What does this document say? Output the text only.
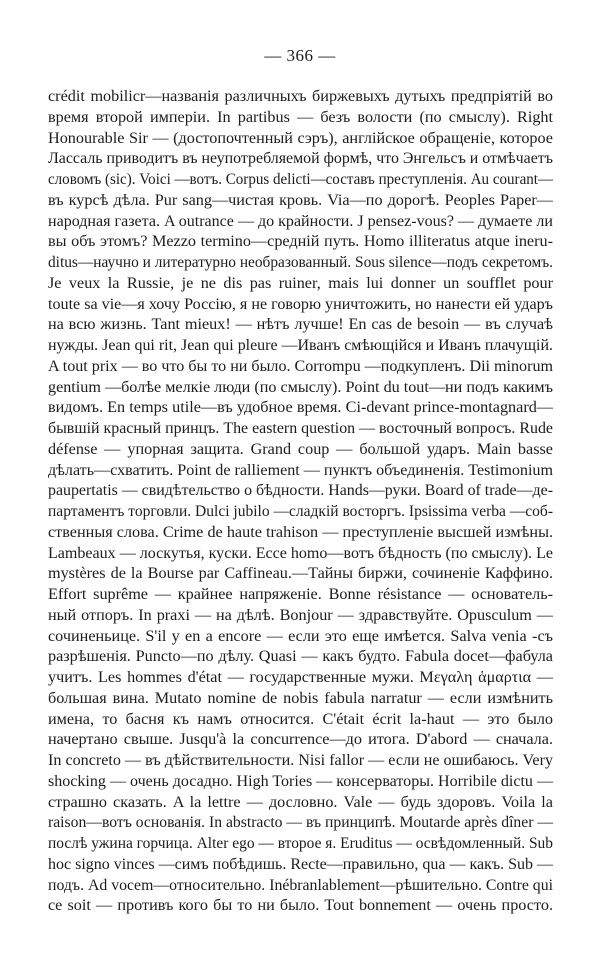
— 366 —
crédit mobilicr—названія различныхъ биржевыхъ дутыхъ предпріятій во
время второй имперіи. In partibus — безъ волости (по смыслу). Right
Honourable Sir — (достопочтенный сэръ), англійское обращеніе, которое
Лассаль приводитъ въ неупотребляемой формѣ, что Энгельсъ и отмѣчаетъ
словомъ (sic). Voici —вотъ. Corpus delicti—составъ преступленія. Au courant—
въ курсѣ дѣла. Pur sang—чистая кровь. Via—по дорогѣ. Peoples Paper—
народная газета. A outrance — до крайности. J pensez-vous? — думаете ли
вы объ этомъ? Mezzo termino—средній путь. Homo illiteratus atque ineru-
ditus—научно и литературно необразованный. Sous silence—подъ секретомъ.
Je veux la Russie, je ne dis pas ruiner, mais lui donner un soufflet pour
toute sa vie—я хочу Россію, я не говорю уничтожить, но нанести ей ударъ
на всю жизнь. Tant mieux! — нѣтъ лучше! En cas de besoin — въ случаѣ
нужды. Jean qui rit, Jean qui pleure —Иванъ смѣющійся и Иванъ плачущій.
A tout prix — во что бы то ни было. Corrompu —подкупленъ. Dii minorum
gentium —болѣе мелкіе люди (по смыслу). Point du tout—ни подъ какимъ
видомъ. En temps utile—въ удобное время. Ci-devant prince-montagnard—
бывшій красный принцъ. The eastern question — восточный вопросъ. Rude
défense — упорная защита. Grand coup — большой ударъ. Main basse
дѣлать—схватить. Point de ralliement — пунктъ объединенія. Testimonium
paupertatis — свидѣтельство о бѣдности. Hands—руки. Board of trade—де-
партаментъ торговли. Dulci jubilo —сладкій восторгъ. Ipsissima verba —соб-
ственныя слова. Crime de haute trahison — преступленіе высшей измѣны.
Lambeaux — лоскутья, куски. Ecce homo—вотъ бѣдность (по смыслу). Le
mystères de la Bourse par Caffineau.—Тайны биржи, сочиненіе Каффино.
Effort suprême — крайнее напряженіе. Bonne résistance — основатель-
ный отпоръ. In praxi — на дѣлѣ. Bonjour — здравствуйте. Opusculum —
сочиненьице. S'il y en a encore — если это еще имѣется. Salva venia -съ
разрѣшенія. Puncto—по дѣлу. Quasi — какъ будто. Fabula docet—фабула
учитъ. Les hommes d'état — государственные мужи. Μεγαλη ἁμαρτια —
большая вина. Mutato nomine de nobis fabula narratur — если измѣнить
имена, то басня къ намъ относится. C'était écrit la-haut — это было
начертано свыше. Jusqu'à la concurrence—до итога. D'abord — сначала.
In concreto — въ дѣйствительности. Nisi fallor — если не ошибаюсь. Very
shocking — очень досадно. High Tories — консерваторы. Horribile dictu —
страшно сказать. A la lettre — дословно. Vale — будь здоровъ. Voila la
raison—вотъ основанія. In abstracto — въ принципѣ. Moutarde après dîner —
послѣ ужина горчица. Alter ego — второе я. Eruditus — освѣдомленный. Sub
hoc signo vinces —симъ побѣдишь. Recte—правильно, qua — какъ. Sub —
подъ. Ad vocem—относительно. Inébranlablement—рѣшительно. Contre qui
ce soit — противъ кого бы то ни было. Tout bonnement — очень просто.
